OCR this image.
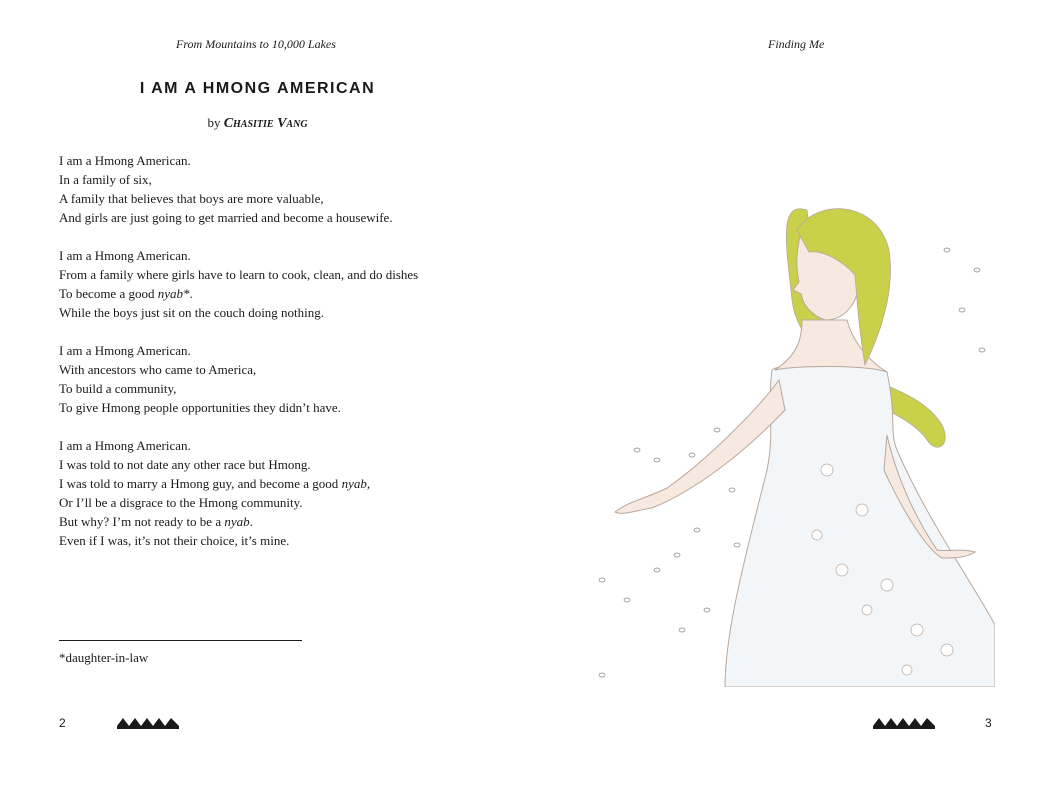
From Mountains to 10,000 Lakes
I AM A HMONG AMERICAN
by Chasitie Vang
I am a Hmong American.
In a family of six,
A family that believes that boys are more valuable,
And girls are just going to get married and become a housewife.
I am a Hmong American.
From a family where girls have to learn to cook, clean, and do dishes
To become a good nyab*.
While the boys just sit on the couch doing nothing.
I am a Hmong American.
With ancestors who came to America,
To build a community,
To give Hmong people opportunities they didn’t have.
I am a Hmong American.
I was told to not date any other race but Hmong.
I was told to marry a Hmong guy, and become a good nyab,
Or I’ll be a disgrace to the Hmong community.
But why? I’m not ready to be a nyab.
Even if I was, it’s not their choice, it’s mine.
*daughter-in-law
2
Finding Me
3
